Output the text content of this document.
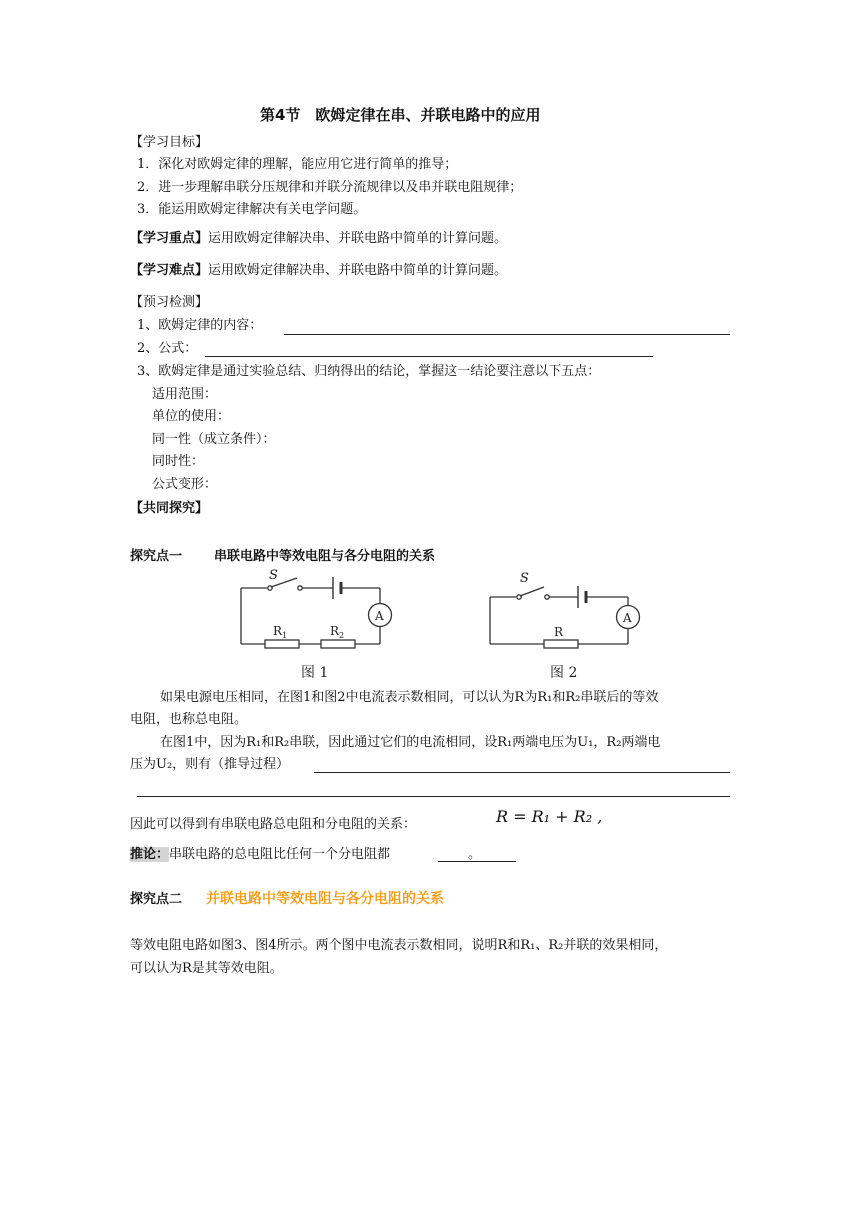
第4节　欧姆定律在串、并联电路中的应用
【学习目标】
1．深化对欧姆定律的理解，能应用它进行简单的推导；
2．进一步理解串联分压规律和并联分流规律以及串并联电阻规律；
3．能运用欧姆定律解决有关电学问题。
【学习重点】运用欧姆定律解决串、并联电路中简单的计算问题。
【学习难点】运用欧姆定律解决串、并联电路中简单的计算问题。
【预习检测】
1、欧姆定律的内容：
2、公式：
3、欧姆定律是通过实验总结、归纳得出的结论，掌握这一结论要注意以下五点：
适用范围：
单位的使用：
同一性（成立条件）：
同时性：
公式变形：
【共同探究】
探究点一 串联电路中等效电阻与各分电阻的关系
S
A
$R_1$	$R_2$
图 1
S
A
R
图 2
如果电源电压相同，在图1和图2中电流表示数相同，可以认为R为R₁和R₂串联后的等效
电阻，也称总电阻。
在图1中，因为R₁和R₂串联，因此通过它们的电流相同，设R₁两端电压为U₁，R₂两端电
压为U₂，则有（推导过程）
因此可以得到有串联电路总电阻和分电阻的关系：	R = R₁ + R₂ ,
推论：串联电路的总电阻比任何一个分电阻都	。
探究点二 并联电路中等效电阻与各分电阻的关系
等效电阻电路如图3、图4所示。两个图中电流表示数相同，说明R和R₁、R₂并联的效果相同，
可以认为R是其等效电阻。
